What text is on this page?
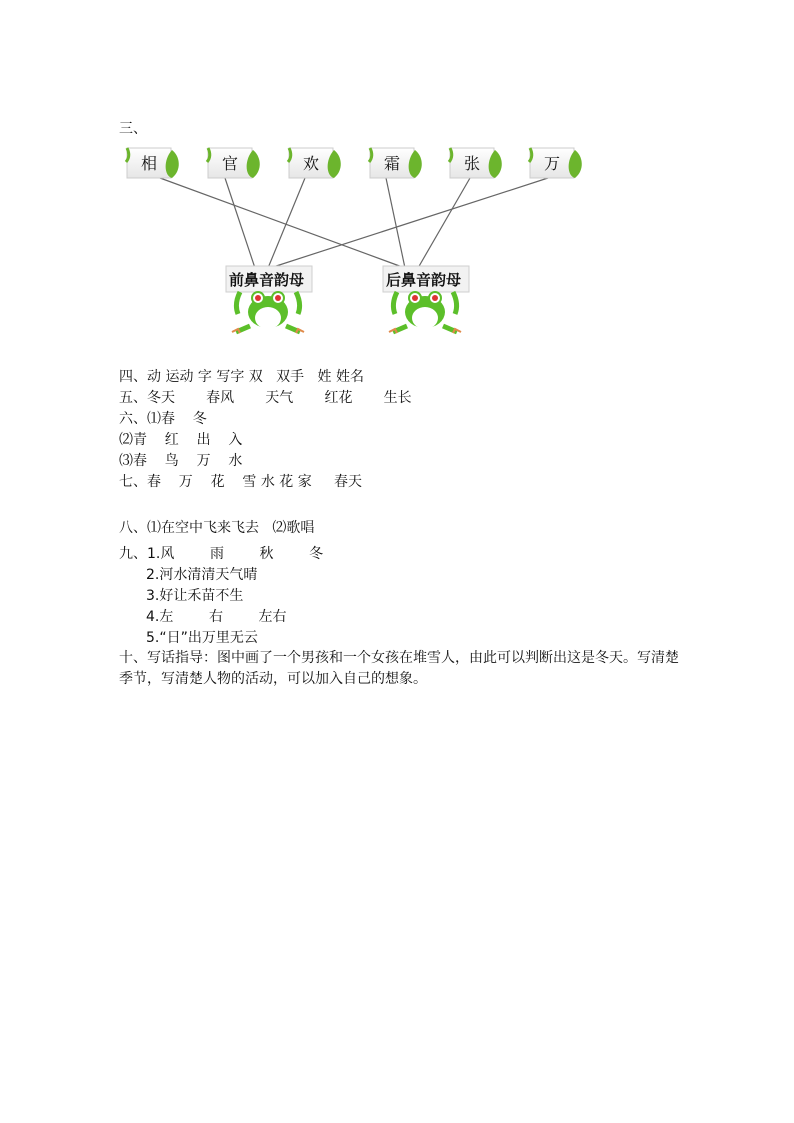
三、
相	官	欢	霜	张	万
前鼻音韵母	后鼻音韵母
四、动 运动 字 写字 双   双手   姓 姓名
五、冬天       春风       天气       红花       生长
六、⑴春    冬
⑵青    红    出    入
⑶春    鸟    万    水
七、春    万    花    雪 水 花 家     春天
八、⑴在空中飞来飞去   ⑵歌唱
九、1.风        雨        秋        冬
2.河水清清天气晴
3.好让禾苗不生
4.左        右        左右
5.“日”出万里无云
十、写话指导：图中画了一个男孩和一个女孩在堆雪人，由此可以判断出这是冬天。写清楚季节，写清楚人物的活动，可以加入自己的想象。
